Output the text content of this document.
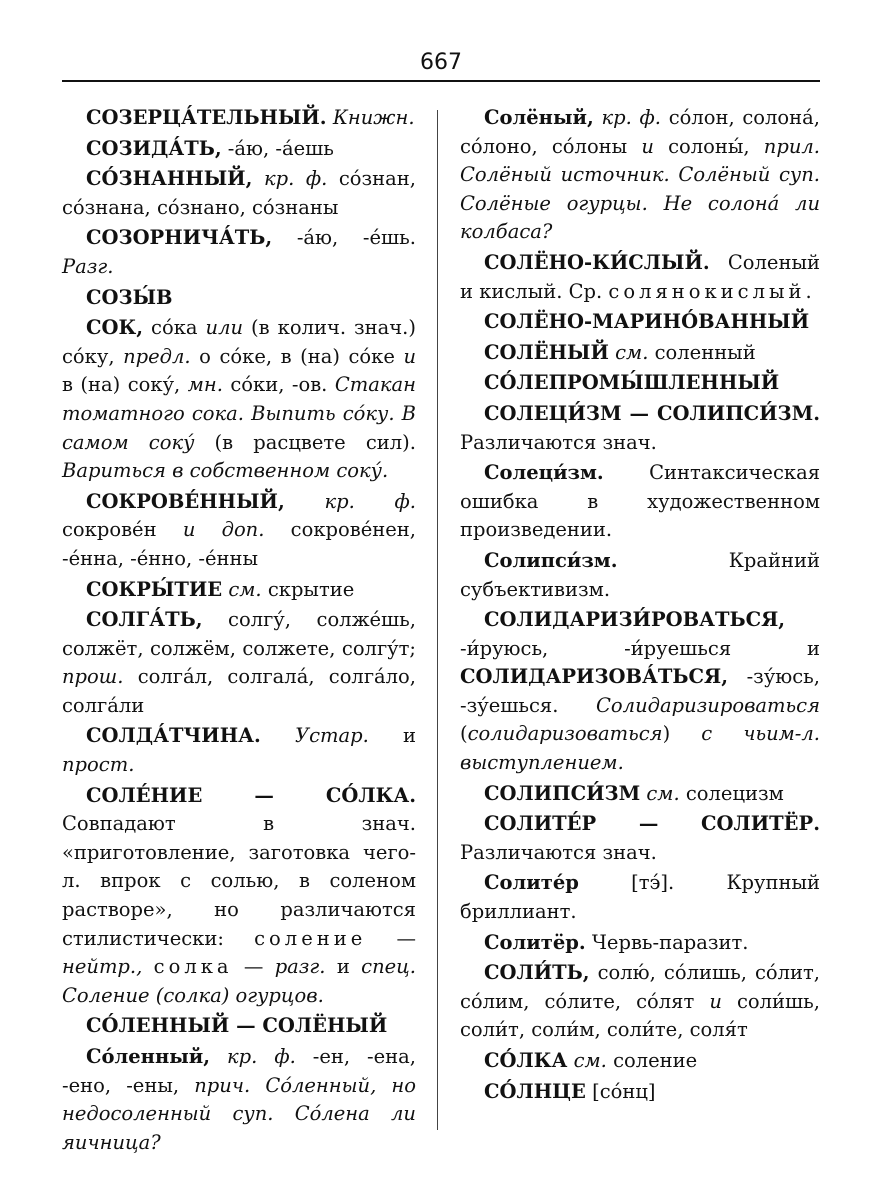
667

СОЗЕРЦА́ТЕЛЬНЫЙ. Книжн.

СОЗИДА́ТЬ, -а́ю, -а́ешь

СО́ЗНАННЫЙ, кр. ф. со́знан, со́знана, со́знано, со́знаны

СОЗОРНИЧА́ТЬ, -а́ю, -е́шь. Разг.

СОЗЫ́В

СОК, со́ка или (в колич. знач.) со́ку, предл. о со́ке, в (на) со́ке и в (на) соку́, мн. со́ки, -ов. Стакан томатного сока. Выпить со́ку. В самом соку́ (в расцвете сил). Вариться в собственном соку́.

СОКРОВЕ́ННЫЙ, кр. ф. сокрове́н и доп. сокрове́нен, -е́нна, -е́нно, -е́нны

СОКРЫ́ТИЕ см. скрытие

СОЛГА́ТЬ, солгу́, солже́шь, солжёт, солжём, солжете, солгу́т; прош. солга́л, солгала́, солга́ло, солга́ли

СОЛДА́ТЧИНА. Устар. и прост.

СОЛЕ́НИЕ — СО́ЛКА. Совпадают в знач. «приготовление, заготовка чего-л. впрок с солью, в соленом растворе», но различаются стилистически: соление — нейтр., солка — разг. и спец. Соление (солка) огурцов.

СО́ЛЕННЫЙ — СОЛЁНЫЙ

Со́ленный, кр. ф. -ен, -ена, -ено, -ены, прич. Со́ленный, но недосоленный суп. Со́лена ли яичница?

Солёный, кр. ф. со́лон, солона́, со́лоно, со́лоны и солоны́, прил. Солёный источник. Солёный суп. Солёные огурцы. Не солона́ ли колбаса?

СОЛЁНО-КИ́СЛЫЙ. Соленый и кислый. Ср. солянокислый.

СОЛЁНО-МАРИНО́ВАННЫЙ

СОЛЁНЫЙ см. соленный

СО́ЛЕПРОМЫ́ШЛЕННЫЙ

СОЛЕЦИ́ЗМ — СОЛИПСИ́ЗМ. Различаются знач.

Солеци́зм. Синтаксическая ошибка в художественном произведении.

Солипси́зм. Крайний субъективизм.

СОЛИДАРИЗИ́РОВАТЬСЯ, -и́руюсь, -и́руешься и СОЛИДАРИЗОВА́ТЬСЯ, -зу́юсь, -зу́ешься. Солидаризироваться (солидаризоваться) с чьим-л. выступлением.

СОЛИПСИ́ЗМ см. солецизм

СОЛИТЕ́Р — СОЛИТЁР. Различаются знач.

Солите́р [тэ́]. Крупный бриллиант.

Солитёр. Червь-паразит.

СОЛИ́ТЬ, солю́, со́лишь, со́лит, со́лим, со́лите, со́лят и соли́шь, соли́т, соли́м, соли́те, соля́т

СО́ЛКА см. соление

СО́ЛНЦЕ [со́нц]
